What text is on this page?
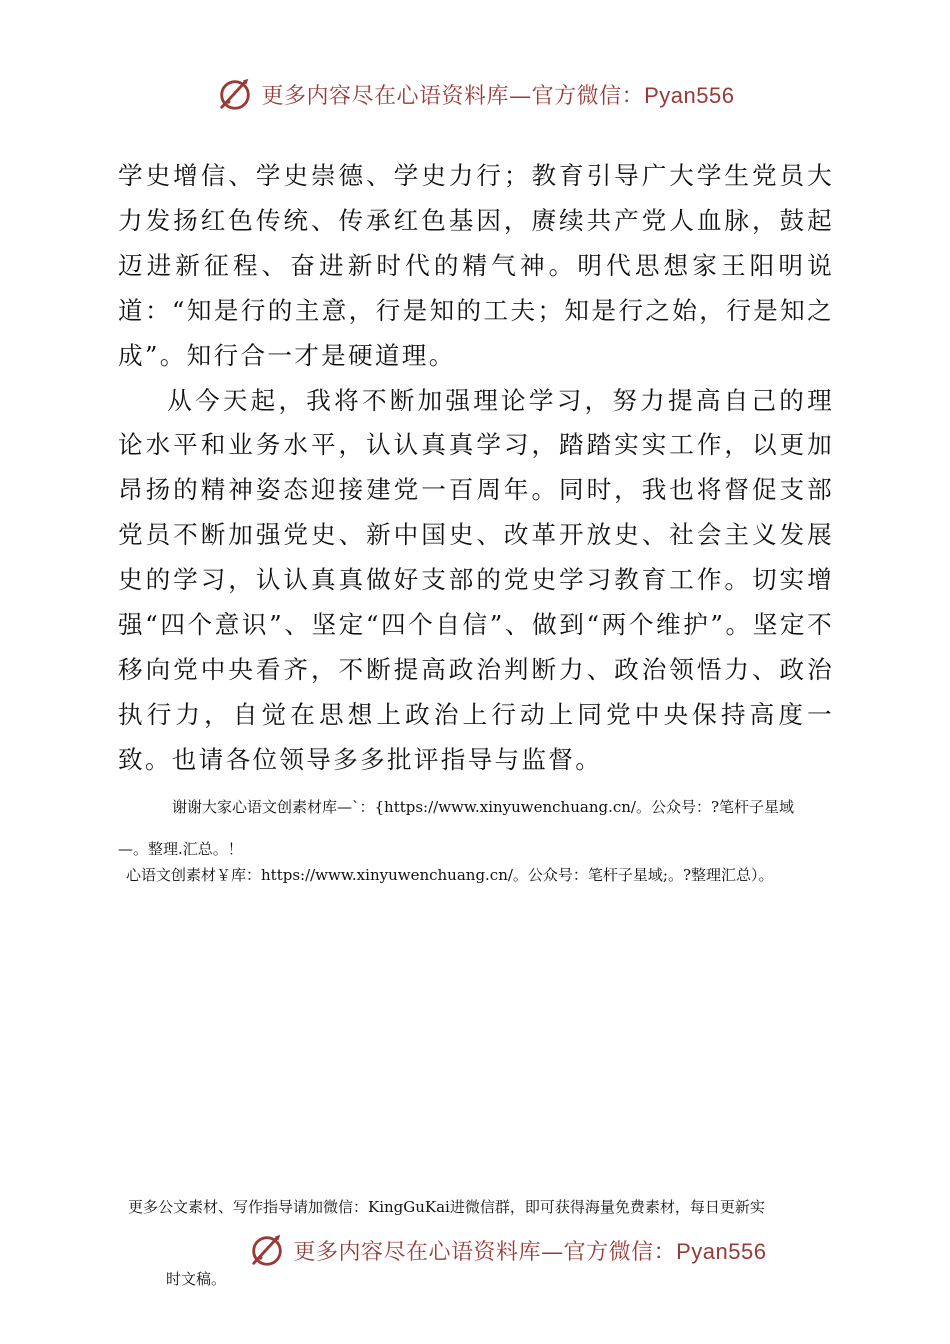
更多内容尽在心语资料库—官方微信：Pyan556

学史增信、学史崇德、学史力行；教育引导广大学生党员大力发扬红色传统、传承红色基因，赓续共产党人血脉，鼓起迈进新征程、奋进新时代的精气神。明代思想家王阳明说道：“知是行的主意，行是知的工夫；知是行之始，行是知之成”。知行合一才是硬道理。

从今天起，我将不断加强理论学习，努力提高自己的理论水平和业务水平，认认真真学习，踏踏实实工作，以更加昂扬的精神姿态迎接建党一百周年。同时，我也将督促支部党员不断加强党史、新中国史、改革开放史、社会主义发展史的学习，认认真真做好支部的党史学习教育工作。切实增强“四个意识”、坚定“四个自信”、做到“两个维护”。坚定不移向党中央看齐，不断提高政治判断力、政治领悟力、政治执行力，自觉在思想上政治上行动上同党中央保持高度一致。也请各位领导多多批评指导与监督。

谢谢大家心语文创素材库—`：{https://www.xinyuwenchuang.cn/。公众号：?笔杆子星域
—。整理.汇总。！
心语文创素材￥库：https://www.xinyuwenchuang.cn/。公众号：笔杆子星域;。?整理汇总）。
更多公文素材、写作指导请加微信：KingGuKai进微信群，即可获得海量免费素材，每日更新实
更多内容尽在心语资料库—官方微信：Pyan556
时文稿。
